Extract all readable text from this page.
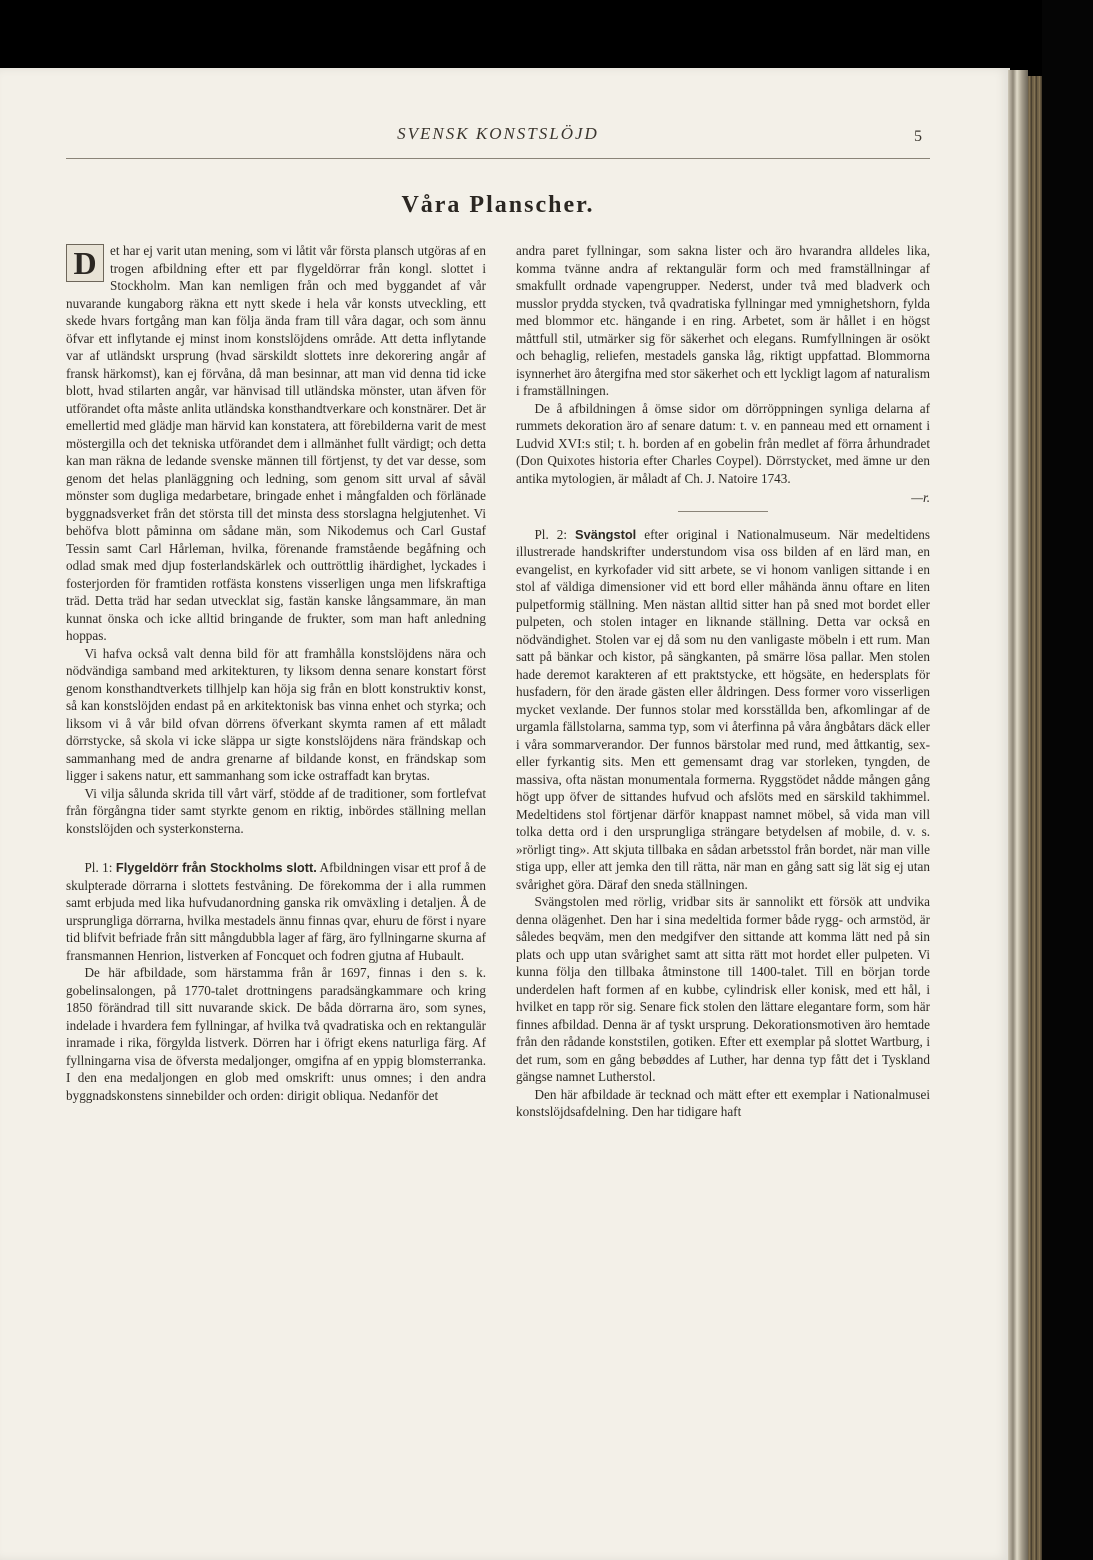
SVENSK KONSTSLÖJD	5
Våra Planscher.

D	et har ej varit utan mening, som vi låtit vår första plansch utgöras af en trogen afbildning efter ett par flygeldörrar från kongl. slottet i Stockholm. Man kan nemligen från och med byggandet af vår nuvarande kungaborg räkna ett nytt skede i hela vår konsts utveckling, ett skede hvars fortgång man kan följa ända fram till våra dagar, och som ännu öfvar ett inflytande ej minst inom konstslöjdens område. Att detta inflytande var af utländskt ursprung (hvad särskildt slottets inre dekorering angår af fransk härkomst), kan ej förvåna, då man besinnar, att man vid denna tid icke blott, hvad stilarten angår, var hänvisad till utländska mönster, utan äfven för utförandet ofta måste anlita utländska konsthandtverkare och konstnärer. Det är emellertid med glädje man härvid kan konstatera, att förebilderna varit de mest möstergilla och det tekniska utförandet dem i allmänhet fullt värdigt; och detta kan man räkna de ledande svenske männen till förtjenst, ty det var desse, som genom det helas planläggning och ledning, som genom sitt urval af såväl mönster som dugliga medarbetare, bringade enhet i mångfalden och förlänade byggnadsverket från det största till det minsta dess storslagna helgjutenhet. Vi behöfva blott påminna om sådane män, som Nikodemus och Carl Gustaf Tessin samt Carl Hårleman, hvilka, förenande framstående begåfning och odlad smak med djup fosterlandskärlek och outtröttlig ihärdighet, lyckades i fosterjorden för framtiden rotfästa konstens visserligen unga men lifskraftiga träd. Detta träd har sedan utvecklat sig, fastän kanske långsammare, än man kunnat önska och icke alltid bringande de frukter, som man haft anledning hoppas.

Vi hafva också valt denna bild för att framhålla konstslöjdens nära och nödvändiga samband med arkitekturen, ty liksom denna senare konstart först genom konsthandtverkets tillhjelp kan höja sig från en blott konstruktiv konst, så kan konstslöjden endast på en arkitektonisk bas vinna enhet och styrka; och liksom vi å vår bild ofvan dörrens öfverkant skymta ramen af ett måladt dörrstycke, så skola vi icke släppa ur sigte konstslöjdens nära frändskap och sammanhang med de andra grenarne af bildande konst, en frändskap som ligger i sakens natur, ett sammanhang som icke ostraffadt kan brytas.

Vi vilja sålunda skrida till vårt värf, stödde af de traditioner, som fortlefvat från förgångna tider samt styrkte genom en riktig, inbördes ställning mellan konstslöjden och systerkonsterna.

Pl. 1: Flygeldörr från Stockholms slott. Afbildningen visar ett prof å de skulpterade dörrarna i slottets festvåning. De förekomma der i alla rummen samt erbjuda med lika hufvudanordning ganska rik omväxling i detaljen. Å de ursprungliga dörrarna, hvilka mestadels ännu finnas qvar, ehuru de först i nyare tid blifvit befriade från sitt mångdubbla lager af färg, äro fyllningarne skurna af fransmannen Henrion, listverken af Foncquet och fodren gjutna af Hubault.

De här afbildade, som härstamma från år 1697, finnas i den s. k. gobelinsalongen, på 1770-talet drottningens paradsängkammare och kring 1850 förändrad till sitt nuvarande skick. De båda dörrarna äro, som synes, indelade i hvardera fem fyllningar, af hvilka två qvadratiska och en rektangulär inramade i rika, förgylda listverk. Dörren har i öfrigt ekens naturliga färg. Af fyllningarna visa de öfversta medaljonger, omgifna af en yppig blomsterranka. I den ena medaljongen en glob med omskrift: unus omnes; i den andra byggnadskonstens sinnebilder och orden: dirigit obliqua. Nedanför det

andra paret fyllningar, som sakna lister och äro hvarandra alldeles lika, komma tvänne andra af rektangulär form och med framställningar af smakfullt ordnade vapengrupper. Nederst, under två med bladverk och musslor prydda stycken, två qvadratiska fyllningar med ymnighetshorn, fylda med blommor etc. hängande i en ring. Arbetet, som är hållet i en högst måttfull stil, utmärker sig för säkerhet och elegans. Rumfyllningen är osökt och behaglig, reliefen, mestadels ganska låg, riktigt uppfattad. Blommorna isynnerhet äro återgifna med stor säkerhet och ett lyckligt lagom af naturalism i framställningen.

De å afbildningen å ömse sidor om dörröppningen synliga delarna af rummets dekoration äro af senare datum: t. v. en panneau med ett ornament i Ludvid XVI:s stil; t. h. borden af en gobelin från medlet af förra århundradet (Don Quixotes historia efter Charles Coypel). Dörrstycket, med ämne ur den antika mytologien, är måladt af Ch. J. Natoire 1743.

—r.

Pl. 2: Svängstol efter original i Nationalmuseum. När medeltidens illustrerade handskrifter understundom visa oss bilden af en lärd man, en evangelist, en kyrkofader vid sitt arbete, se vi honom vanligen sittande i en stol af väldiga dimensioner vid ett bord eller måhända ännu oftare en liten pulpetformig ställning. Men nästan alltid sitter han på sned mot bordet eller pulpeten, och stolen intager en liknande ställning. Detta var också en nödvändighet. Stolen var ej då som nu den vanligaste möbeln i ett rum. Man satt på bänkar och kistor, på sängkanten, på smärre lösa pallar. Men stolen hade deremot karakteren af ett praktstycke, ett högsäte, en hedersplats för husfadern, för den ärade gästen eller åldringen. Dess former voro visserligen mycket vexlande. Der funnos stolar med korsställda ben, afkomlingar af de urgamla fällstolarna, samma typ, som vi återfinna på våra ångbåtars däck eller i våra sommarverandor. Der funnos bärstolar med rund, med åttkantig, sex- eller fyrkantig sits. Men ett gemensamt drag var storleken, tyngden, de massiva, ofta nästan monumentala formerna. Ryggstödet nådde mången gång högt upp öfver de sittandes hufvud och afslöts med en särskild takhimmel. Medeltidens stol förtjenar därför knappast namnet möbel, så vida man vill tolka detta ord i den ursprungliga strängare betydelsen af mobile, d. v. s. »rörligt ting». Att skjuta tillbaka en sådan arbetsstol från bordet, när man ville stiga upp, eller att jemka den till rätta, när man en gång satt sig lät sig ej utan svårighet göra. Däraf den sneda ställningen.

Svängstolen med rörlig, vridbar sits är sannolikt ett försök att undvika denna olägenhet. Den har i sina medeltida former både rygg- och armstöd, är således beqväm, men den medgifver den sittande att komma lätt ned på sin plats och upp utan svårighet samt att sitta rätt mot hordet eller pulpeten. Vi kunna följa den tillbaka åtminstone till 1400-talet. Till en början torde underdelen haft formen af en kubbe, cylindrisk eller konisk, med ett hål, i hvilket en tapp rör sig. Senare fick stolen den lättare elegantare form, som här finnes afbildad. Denna är af tyskt ursprung. Dekorationsmotiven äro hemtade från den rådande konststilen, gotiken. Efter ett exemplar på slottet Wartburg, i det rum, som en gång bebøddes af Luther, har denna typ fått det i Tyskland gängse namnet Lutherstol.

Den här afbildade är tecknad och mätt efter ett exemplar i Nationalmusei konstslöjdsafdelning. Den har tidigare haft
